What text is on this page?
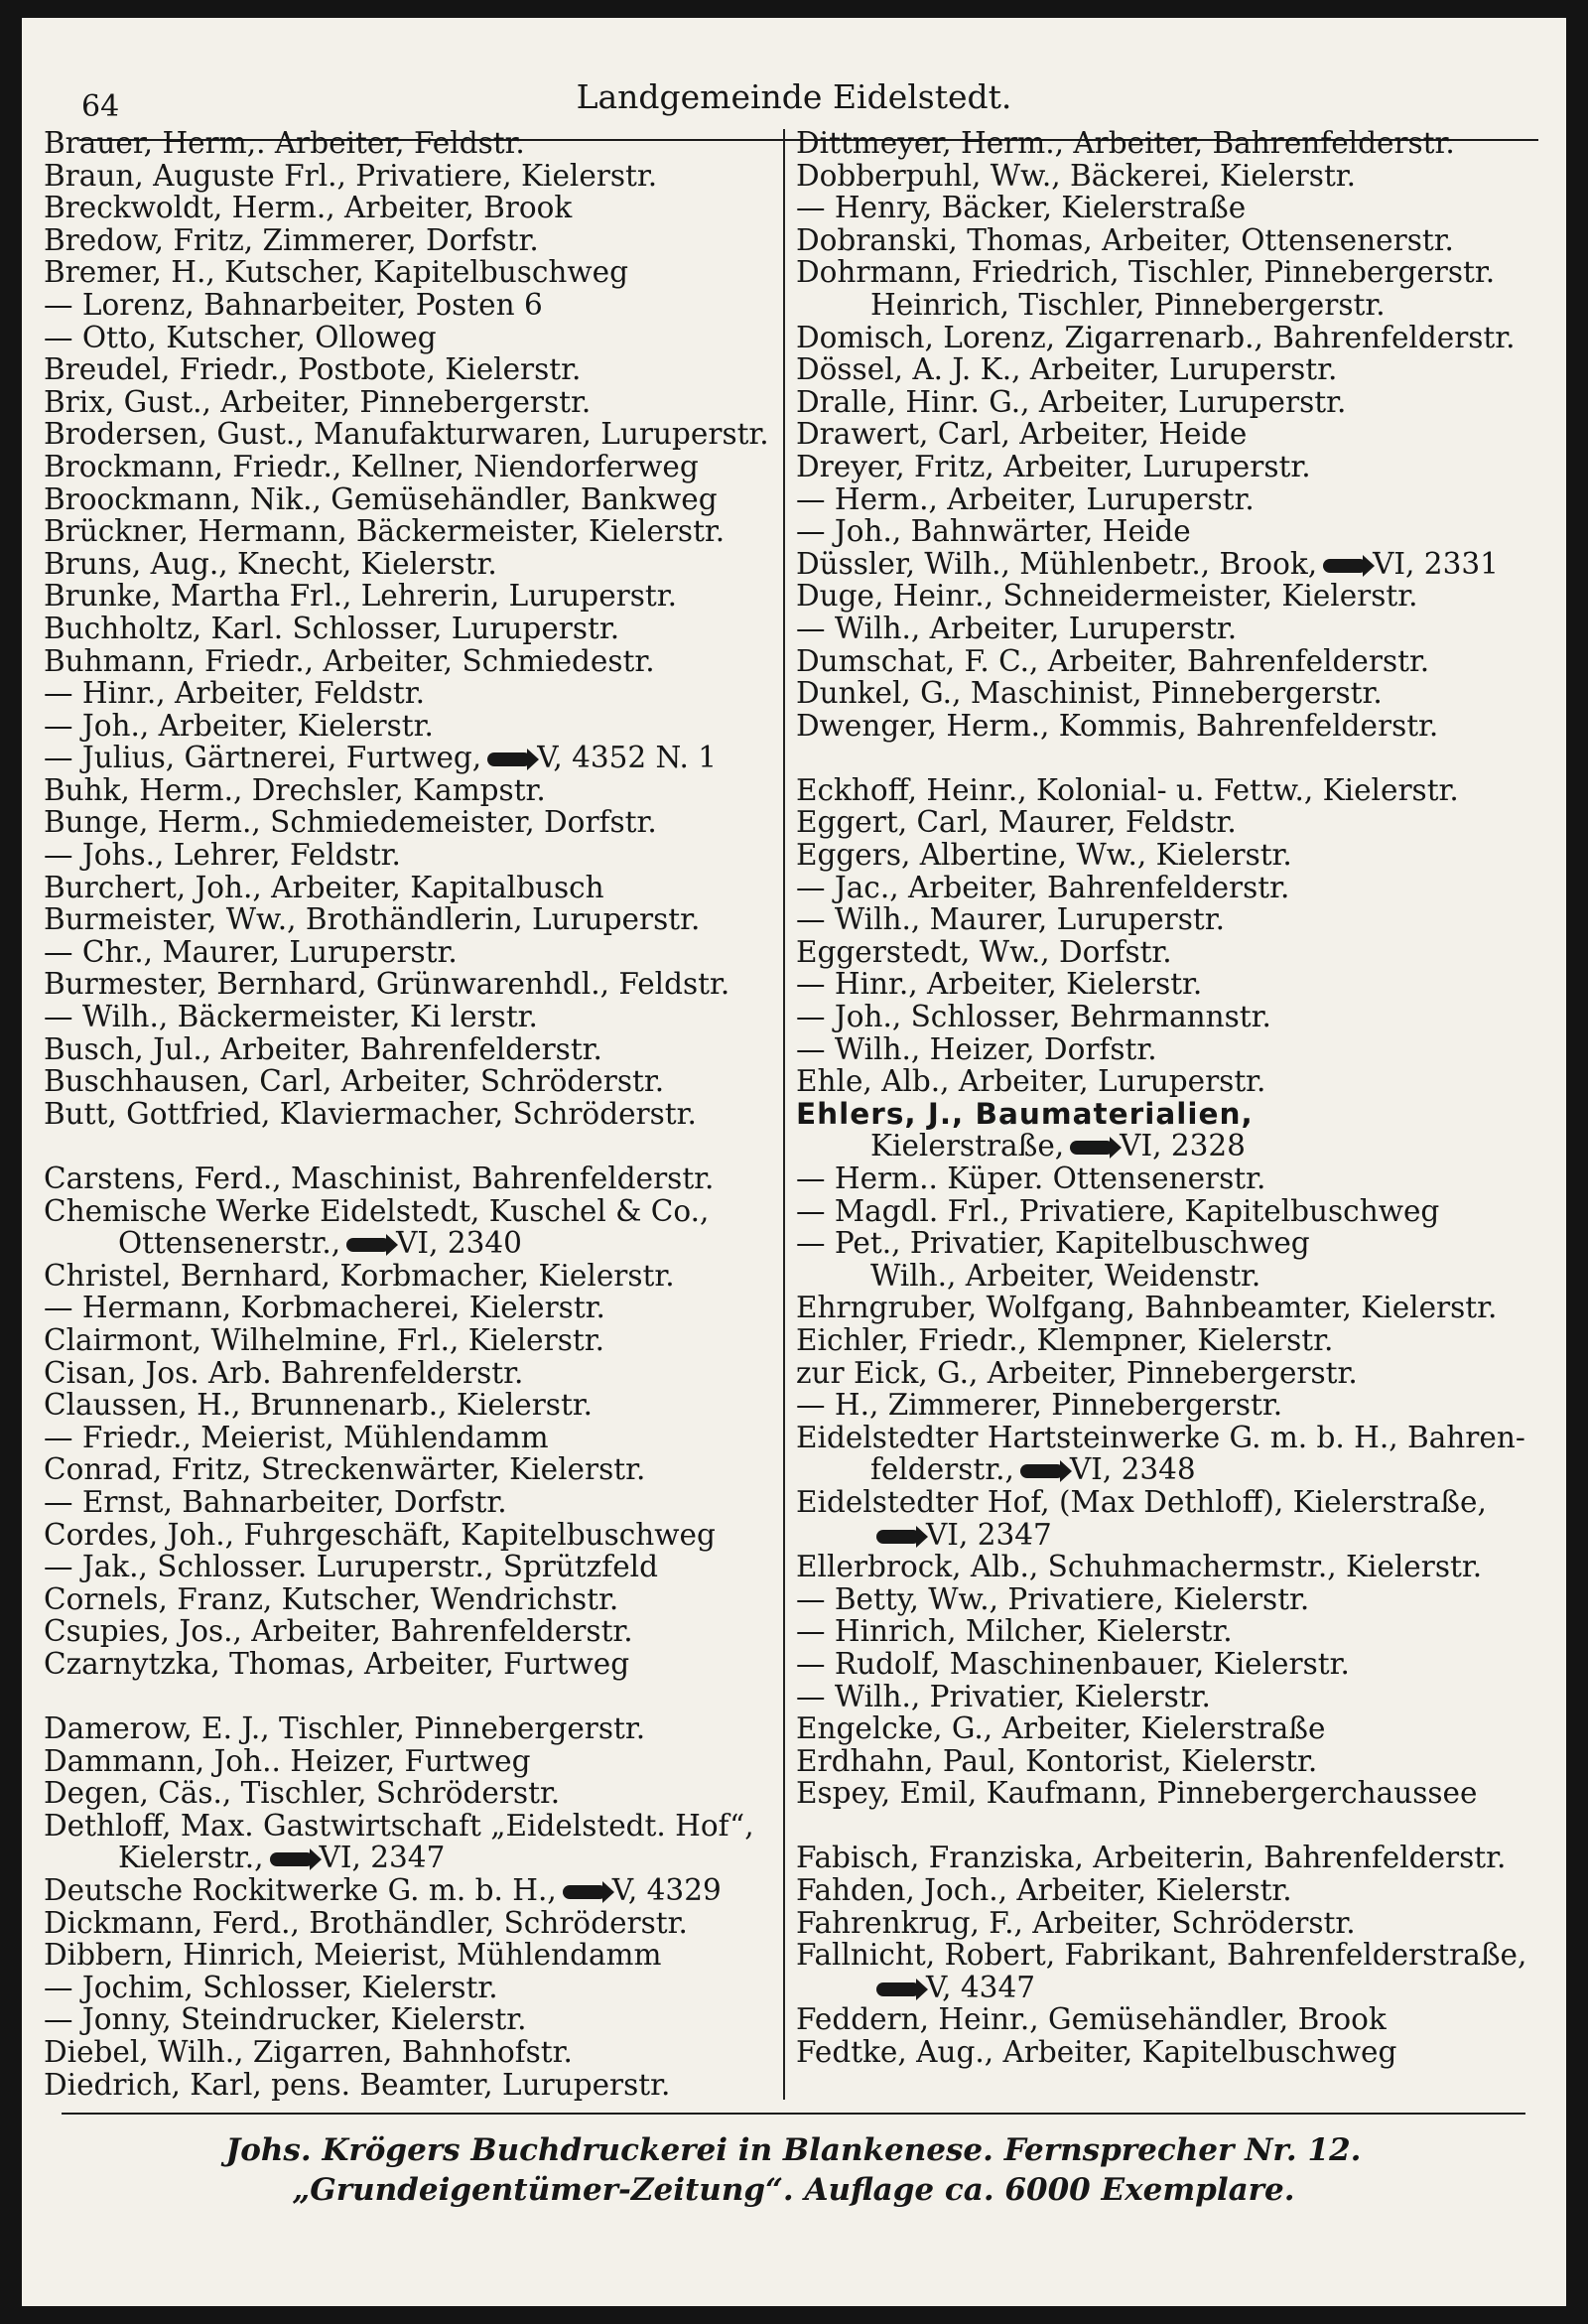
64	Landgemeinde Eidelstedt.
Brauer, Herm,. Arbeiter, Feldstr.
Braun, Auguste Frl., Privatiere, Kielerstr.
Breckwoldt, Herm., Arbeiter, Brook
Bredow, Fritz, Zimmerer, Dorfstr.
Bremer, H., Kutscher, Kapitelbuschweg
— Lorenz, Bahnarbeiter, Posten 6
— Otto, Kutscher, Olloweg
Breudel, Friedr., Postbote, Kielerstr.
Brix, Gust., Arbeiter, Pinnebergerstr.
Brodersen, Gust., Manufakturwaren, Luruperstr.
Brockmann, Friedr., Kellner, Niendorferweg
Broockmann, Nik., Gemüsehändler, Bankweg
Brückner, Hermann, Bäckermeister, Kielerstr.
Bruns, Aug., Knecht, Kielerstr.
Brunke, Martha Frl., Lehrerin, Luruperstr.
Buchholtz, Karl. Schlosser, Luruperstr.
Buhmann, Friedr., Arbeiter, Schmiedestr.
— Hinr., Arbeiter, Feldstr.
— Joh., Arbeiter, Kielerstr.
— Julius, Gärtnerei, Furtweg, V, 4352 N. 1
Buhk, Herm., Drechsler, Kampstr.
Bunge, Herm., Schmiedemeister, Dorfstr.
— Johs., Lehrer, Feldstr.
Burchert, Joh., Arbeiter, Kapitalbusch
Burmeister, Ww., Brothändlerin, Luruperstr.
— Chr., Maurer, Luruperstr.
Burmester, Bernhard, Grünwarenhdl., Feldstr.
— Wilh., Bäckermeister, Ki lerstr.
Busch, Jul., Arbeiter, Bahrenfelderstr.
Buschhausen, Carl, Arbeiter, Schröderstr.
Butt, Gottfried, Klaviermacher, Schröderstr.
Carstens, Ferd., Maschinist, Bahrenfelderstr.
Chemische Werke Eidelstedt, Kuschel & Co.,
Ottensenerstr., VI, 2340
Christel, Bernhard, Korbmacher, Kielerstr.
— Hermann, Korbmacherei, Kielerstr.
Clairmont, Wilhelmine, Frl., Kielerstr.
Cisan, Jos. Arb. Bahrenfelderstr.
Claussen, H., Brunnenarb., Kielerstr.
— Friedr., Meierist, Mühlendamm
Conrad, Fritz, Streckenwärter, Kielerstr.
— Ernst, Bahnarbeiter, Dorfstr.
Cordes, Joh., Fuhrgeschäft, Kapitelbuschweg
— Jak., Schlosser. Luruperstr., Sprützfeld
Cornels, Franz, Kutscher, Wendrichstr.
Csupies, Jos., Arbeiter, Bahrenfelderstr.
Czarnytzka, Thomas, Arbeiter, Furtweg
Damerow, E. J., Tischler, Pinnebergerstr.
Dammann, Joh.. Heizer, Furtweg
Degen, Cäs., Tischler, Schröderstr.
Dethloff, Max. Gastwirtschaft „Eidelstedt. Hof“,
Kielerstr., VI, 2347
Deutsche Rockitwerke G. m. b. H., V, 4329
Dickmann, Ferd., Brothändler, Schröderstr.
Dibbern, Hinrich, Meierist, Mühlendamm
— Jochim, Schlosser, Kielerstr.
— Jonny, Steindrucker, Kielerstr.
Diebel, Wilh., Zigarren, Bahnhofstr.
Diedrich, Karl, pens. Beamter, Luruperstr.
Dittmeyer, Herm., Arbeiter, Bahrenfelderstr.
Dobberpuhl, Ww., Bäckerei, Kielerstr.
— Henry, Bäcker, Kielerstraße
Dobranski, Thomas, Arbeiter, Ottensenerstr.
Dohrmann, Friedrich, Tischler, Pinnebergerstr.
Heinrich, Tischler, Pinnebergerstr.
Domisch, Lorenz, Zigarrenarb., Bahrenfelderstr.
Dössel, A. J. K., Arbeiter, Luruperstr.
Dralle, Hinr. G., Arbeiter, Luruperstr.
Drawert, Carl, Arbeiter, Heide
Dreyer, Fritz, Arbeiter, Luruperstr.
— Herm., Arbeiter, Luruperstr.
— Joh., Bahnwärter, Heide
Düssler, Wilh., Mühlenbetr., Brook, VI, 2331
Duge, Heinr., Schneidermeister, Kielerstr.
— Wilh., Arbeiter, Luruperstr.
Dumschat, F. C., Arbeiter, Bahrenfelderstr.
Dunkel, G., Maschinist, Pinnebergerstr.
Dwenger, Herm., Kommis, Bahrenfelderstr.
Eckhoff, Heinr., Kolonial- u. Fettw., Kielerstr.
Eggert, Carl, Maurer, Feldstr.
Eggers, Albertine, Ww., Kielerstr.
— Jac., Arbeiter, Bahrenfelderstr.
— Wilh., Maurer, Luruperstr.
Eggerstedt, Ww., Dorfstr.
— Hinr., Arbeiter, Kielerstr.
— Joh., Schlosser, Behrmannstr.
— Wilh., Heizer, Dorfstr.
Ehle, Alb., Arbeiter, Luruperstr.
Ehlers, J., Baumaterialien,
Kielerstraße, VI, 2328
— Herm.. Küper. Ottensenerstr.
— Magdl. Frl., Privatiere, Kapitelbuschweg
— Pet., Privatier, Kapitelbuschweg
Wilh., Arbeiter, Weidenstr.
Ehrngruber, Wolfgang, Bahnbeamter, Kielerstr.
Eichler, Friedr., Klempner, Kielerstr.
zur Eick, G., Arbeiter, Pinnebergerstr.
— H., Zimmerer, Pinnebergerstr.
Eidelstedter Hartsteinwerke G. m. b. H., Bahren-
felderstr., VI, 2348
Eidelstedter Hof, (Max Dethloff), Kielerstraße,
VI, 2347
Ellerbrock, Alb., Schuhmachermstr., Kielerstr.
— Betty, Ww., Privatiere, Kielerstr.
— Hinrich, Milcher, Kielerstr.
— Rudolf, Maschinenbauer, Kielerstr.
— Wilh., Privatier, Kielerstr.
Engelcke, G., Arbeiter, Kielerstraße
Erdhahn, Paul, Kontorist, Kielerstr.
Espey, Emil, Kaufmann, Pinnebergerchaussee
Fabisch, Franziska, Arbeiterin, Bahrenfelderstr.
Fahden, Joch., Arbeiter, Kielerstr.
Fahrenkrug, F., Arbeiter, Schröderstr.
Fallnicht, Robert, Fabrikant, Bahrenfelderstraße,
V, 4347
Feddern, Heinr., Gemüsehändler, Brook
Fedtke, Aug., Arbeiter, Kapitelbuschweg
Johs. Krögers Buchdruckerei in Blankenese. Fernsprecher Nr. 12.
„Grundeigentümer-Zeitung“. Auflage ca. 6000 Exemplare.
